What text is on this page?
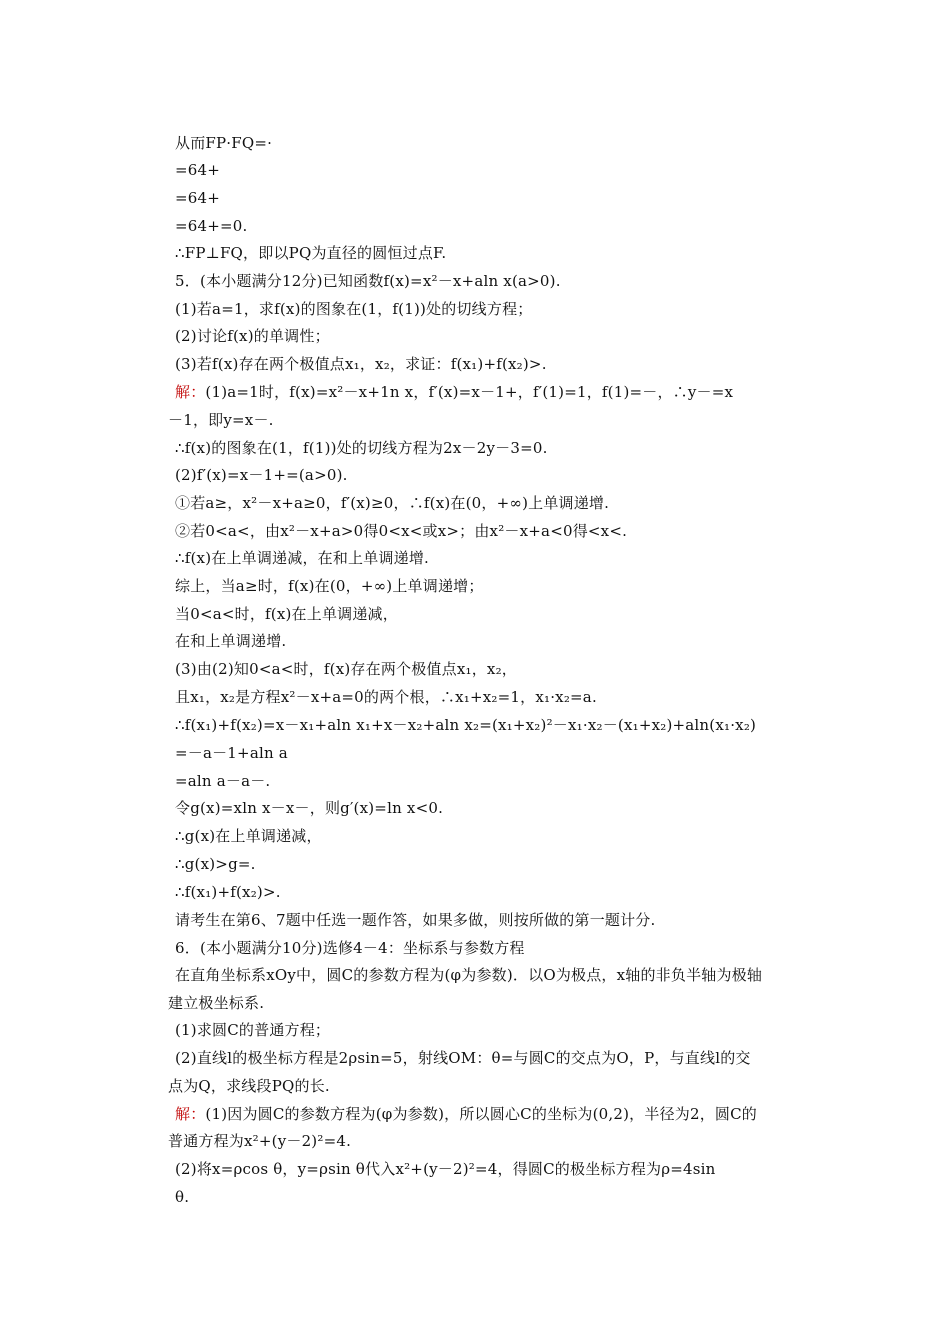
从而FP·FQ=·
=64+
=64+
=64+=0.
∴FP⊥FQ，即以PQ为直径的圆恒过点F.
5．(本小题满分12分)已知函数f(x)=x²－x+aln x(a>0).
(1)若a=1，求f(x)的图象在(1，f(1))处的切线方程；
(2)讨论f(x)的单调性；
(3)若f(x)存在两个极值点x₁，x₂，求证：f(x₁)+f(x₂)>.
解：(1)a=1时，f(x)=x²－x+1n x，f′(x)=x－1+，f′(1)=1，f(1)=－，∴y－=x
－1，即y=x－.
∴f(x)的图象在(1，f(1))处的切线方程为2x－2y－3=0.
(2)f′(x)=x－1+=(a>0).
①若a≥，x²－x+a≥0，f′(x)≥0，∴f(x)在(0，+∞)上单调递增.
②若0<a<，由x²－x+a>0得0<x<或x>；由x²－x+a<0得<x<.
∴f(x)在上单调递减，在和上单调递增.
综上，当a≥时，f(x)在(0，+∞)上单调递增；
当0<a<时，f(x)在上单调递减，
在和上单调递增.
(3)由(2)知0<a<时，f(x)存在两个极值点x₁，x₂，
且x₁，x₂是方程x²－x+a=0的两个根，∴x₁+x₂=1，x₁·x₂=a.
∴f(x₁)+f(x₂)=x－x₁+aln x₁+x－x₂+aln x₂=(x₁+x₂)²－x₁·x₂－(x₁+x₂)+aln(x₁·x₂)
=－a－1+aln a
=aln a－a－.
令g(x)=xln x－x－，则g′(x)=ln x<0.
∴g(x)在上单调递减，
∴g(x)>g=.
∴f(x₁)+f(x₂)>.
请考生在第6、7题中任选一题作答，如果多做，则按所做的第一题计分.
6．(本小题满分10分)选修4－4：坐标系与参数方程
在直角坐标系xOy中，圆C的参数方程为(φ为参数)．以O为极点，x轴的非负半轴为极轴
建立极坐标系.
(1)求圆C的普通方程；
(2)直线l的极坐标方程是2ρsin=5，射线OM：θ=与圆C的交点为O，P，与直线l的交
点为Q，求线段PQ的长.
解：(1)因为圆C的参数方程为(φ为参数)，所以圆心C的坐标为(0,2)，半径为2，圆C的
普通方程为x²+(y－2)²=4.
(2)将x=ρcos θ，y=ρsin θ代入x²+(y－2)²=4，得圆C的极坐标方程为ρ=4sin
θ.
